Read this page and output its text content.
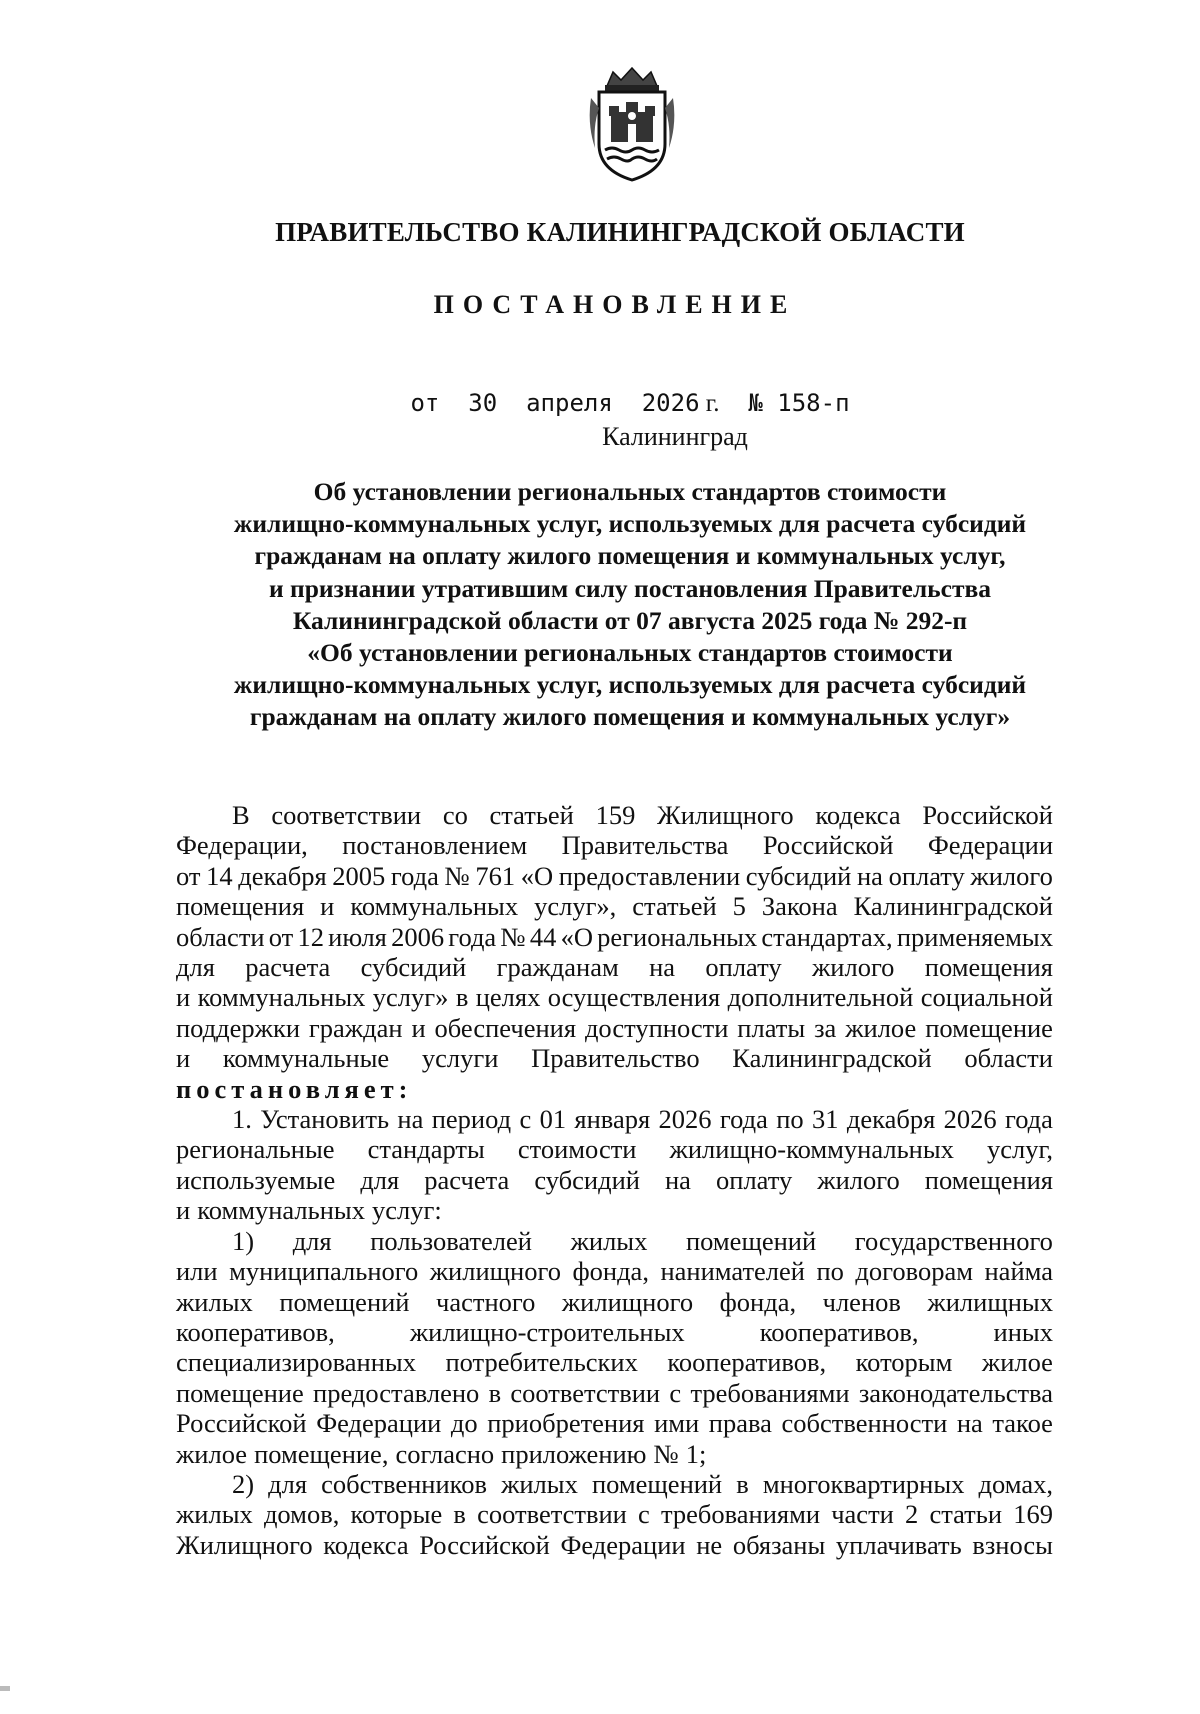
ПРАВИТЕЛЬСТВО КАЛИНИНГРАДСКОЙ ОБЛАСТИ
ПОСТАНОВЛЕНИЕ
от 30 апреля 2026 г. № 158-п
Калининград
Об установлении региональных стандартов стоимости
жилищно-коммунальных услуг, используемых для расчета субсидий
гражданам на оплату жилого помещения и коммунальных услуг,
и признании утратившим силу постановления Правительства
Калининградской области от 07 августа 2025 года № 292-п
«Об установлении региональных стандартов стоимости
жилищно-коммунальных услуг, используемых для расчета субсидий
гражданам на оплату жилого помещения и коммунальных услуг»
В соответствии со статьей 159 Жилищного кодекса Российской
Федерации, постановлением Правительства Российской Федерации
от 14 декабря 2005 года № 761 «О предоставлении субсидий на оплату жилого
помещения и коммунальных услуг», статьей 5 Закона Калининградской
области от 12 июля 2006 года № 44 «О региональных стандартах, применяемых
для расчета субсидий гражданам на оплату жилого помещения
и коммунальных услуг» в целях осуществления дополнительной социальной
поддержки граждан и обеспечения доступности платы за жилое помещение
и коммунальные услуги Правительство Калининградской области
постановляет:
1. Установить на период с 01 января 2026 года по 31 декабря 2026 года
региональные стандарты стоимости жилищно-коммунальных услуг,
используемые для расчета субсидий на оплату жилого помещения
и коммунальных услуг:
1) для пользователей жилых помещений государственного
или муниципального жилищного фонда, нанимателей по договорам найма
жилых помещений частного жилищного фонда, членов жилищных
кооперативов,	жилищно-строительных	кооперативов,	иных
специализированных потребительских кооперативов, которым жилое
помещение предоставлено в соответствии с требованиями законодательства
Российской Федерации до приобретения ими права собственности на такое
жилое помещение, согласно приложению № 1;
2) для собственников жилых помещений в многоквартирных домах,
жилых домов, которые в соответствии с требованиями части 2 статьи 169
Жилищного кодекса Российской Федерации не обязаны уплачивать взносы
